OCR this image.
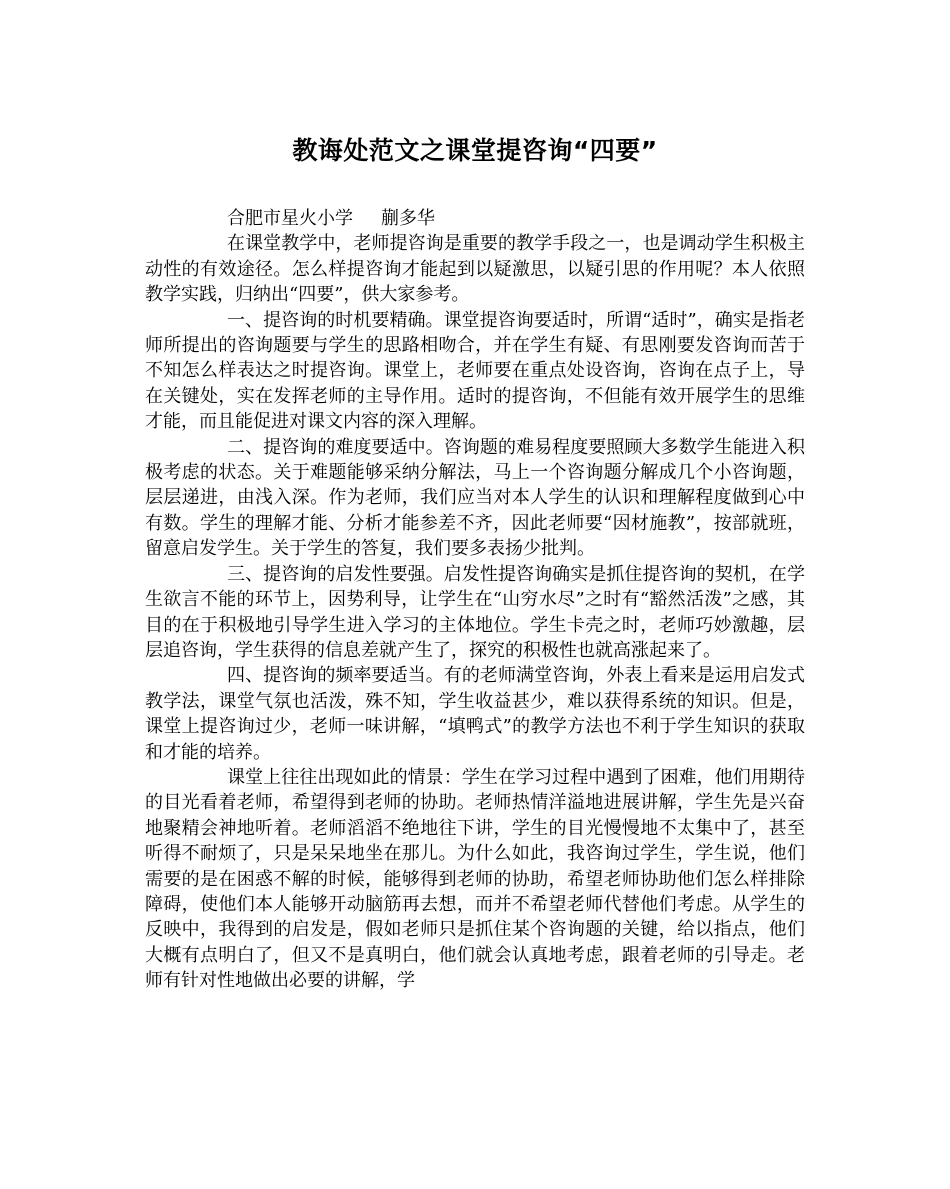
教诲处范文之课堂提咨询“四要”

合肥市星火小学 蒯多华

在课堂教学中，老师提咨询是重要的教学手段之一，也是调动学生积极主动性的有效途径。怎么样提咨询才能起到以疑激思，以疑引思的作用呢？本人依照教学实践，归纳出“四要”，供大家参考。

一、提咨询的时机要精确。课堂提咨询要适时，所谓“适时”，确实是指老师所提出的咨询题要与学生的思路相吻合，并在学生有疑、有思刚要发咨询而苦于不知怎么样表达之时提咨询。课堂上，老师要在重点处设咨询，咨询在点子上，导在关键处，实在发挥老师的主导作用。适时的提咨询，不但能有效开展学生的思维才能，而且能促进对课文内容的深入理解。

二、提咨询的难度要适中。咨询题的难易程度要照顾大多数学生能进入积极考虑的状态。关于难题能够采纳分解法，马上一个咨询题分解成几个小咨询题，层层递进，由浅入深。作为老师，我们应当对本人学生的认识和理解程度做到心中有数。学生的理解才能、分析才能参差不齐，因此老师要“因材施教”，按部就班，留意启发学生。关于学生的答复，我们要多表扬少批判。

三、提咨询的启发性要强。启发性提咨询确实是抓住提咨询的契机，在学生欲言不能的环节上，因势利导，让学生在“山穷水尽”之时有“豁然活泼”之感，其目的在于积极地引导学生进入学习的主体地位。学生卡壳之时，老师巧妙激趣，层层追咨询，学生获得的信息差就产生了，探究的积极性也就高涨起来了。

四、提咨询的频率要适当。有的老师满堂咨询，外表上看来是运用启发式教学法，课堂气氛也活泼，殊不知，学生收益甚少，难以获得系统的知识。但是，课堂上提咨询过少，老师一味讲解，“填鸭式”的教学方法也不利于学生知识的获取和才能的培养。

课堂上往往出现如此的情景：学生在学习过程中遇到了困难，他们用期待的目光看着老师，希望得到老师的协助。老师热情洋溢地进展讲解，学生先是兴奋地聚精会神地听着。老师滔滔不绝地往下讲，学生的目光慢慢地不太集中了，甚至听得不耐烦了，只是呆呆地坐在那儿。为什么如此，我咨询过学生，学生说，他们需要的是在困惑不解的时候，能够得到老师的协助，希望老师协助他们怎么样排除障碍，使他们本人能够开动脑筋再去想，而并不希望老师代替他们考虑。从学生的反映中，我得到的启发是，假如老师只是抓住某个咨询题的关键，给以指点，他们大概有点明白了，但又不是真明白，他们就会认真地考虑，跟着老师的引导走。老师有针对性地做出必要的讲解，学
